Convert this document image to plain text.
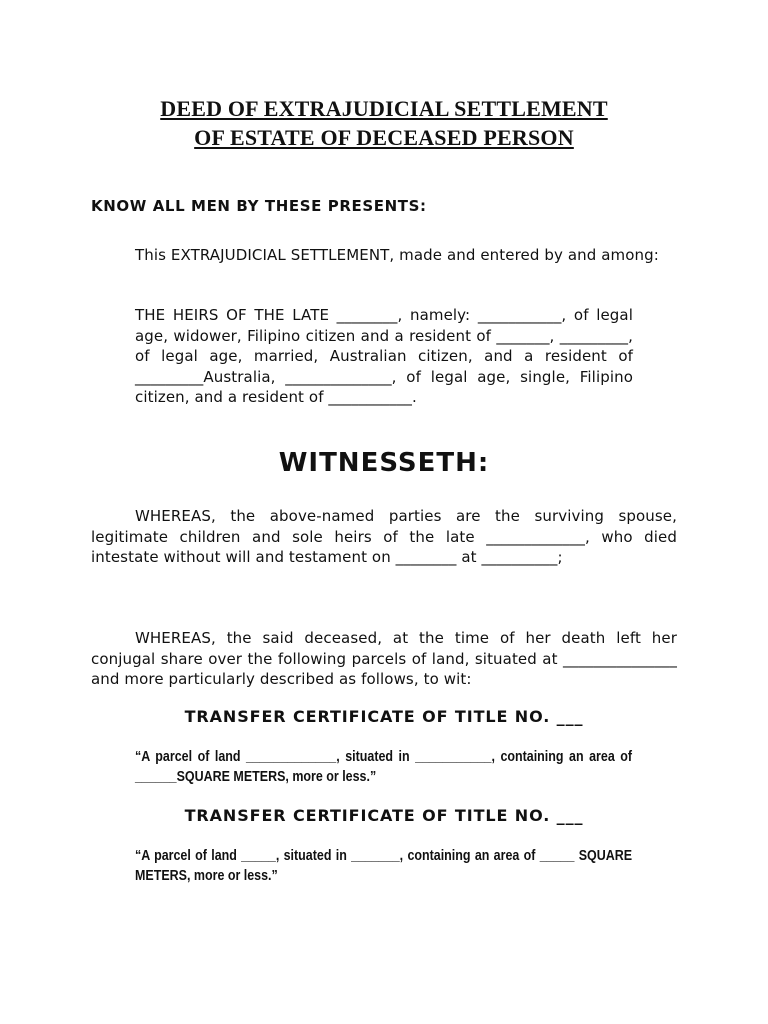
DEED OF EXTRAJUDICIAL SETTLEMENT
OF ESTATE OF DECEASED PERSON
KNOW ALL MEN BY THESE PRESENTS:
This EXTRAJUDICIAL SETTLEMENT, made and entered by and among:
THE HEIRS OF THE LATE ________, namely: ___________, of legal age, widower, Filipino citizen and a resident of _______, _________, of legal age, married, Australian citizen, and a resident of _________Australia, ______________, of legal age, single, Filipino citizen, and a resident of ___________.
WITNESSETH:
WHEREAS, the above-named parties are the surviving spouse, legitimate children and sole heirs of the late _____________, who died intestate without will and testament on ________ at __________;
WHEREAS, the said deceased, at the time of her death left her conjugal share over the following parcels of land, situated at _______________ and more particularly described as follows, to wit:
TRANSFER CERTIFICATE OF TITLE NO. ___
“A parcel of land _____________, situated in ___________, containing an area of ______SQUARE METERS, more or less.”
TRANSFER CERTIFICATE OF TITLE NO. ___
“A parcel of land _____, situated in _______, containing an area of _____ SQUARE METERS, more or less.”
